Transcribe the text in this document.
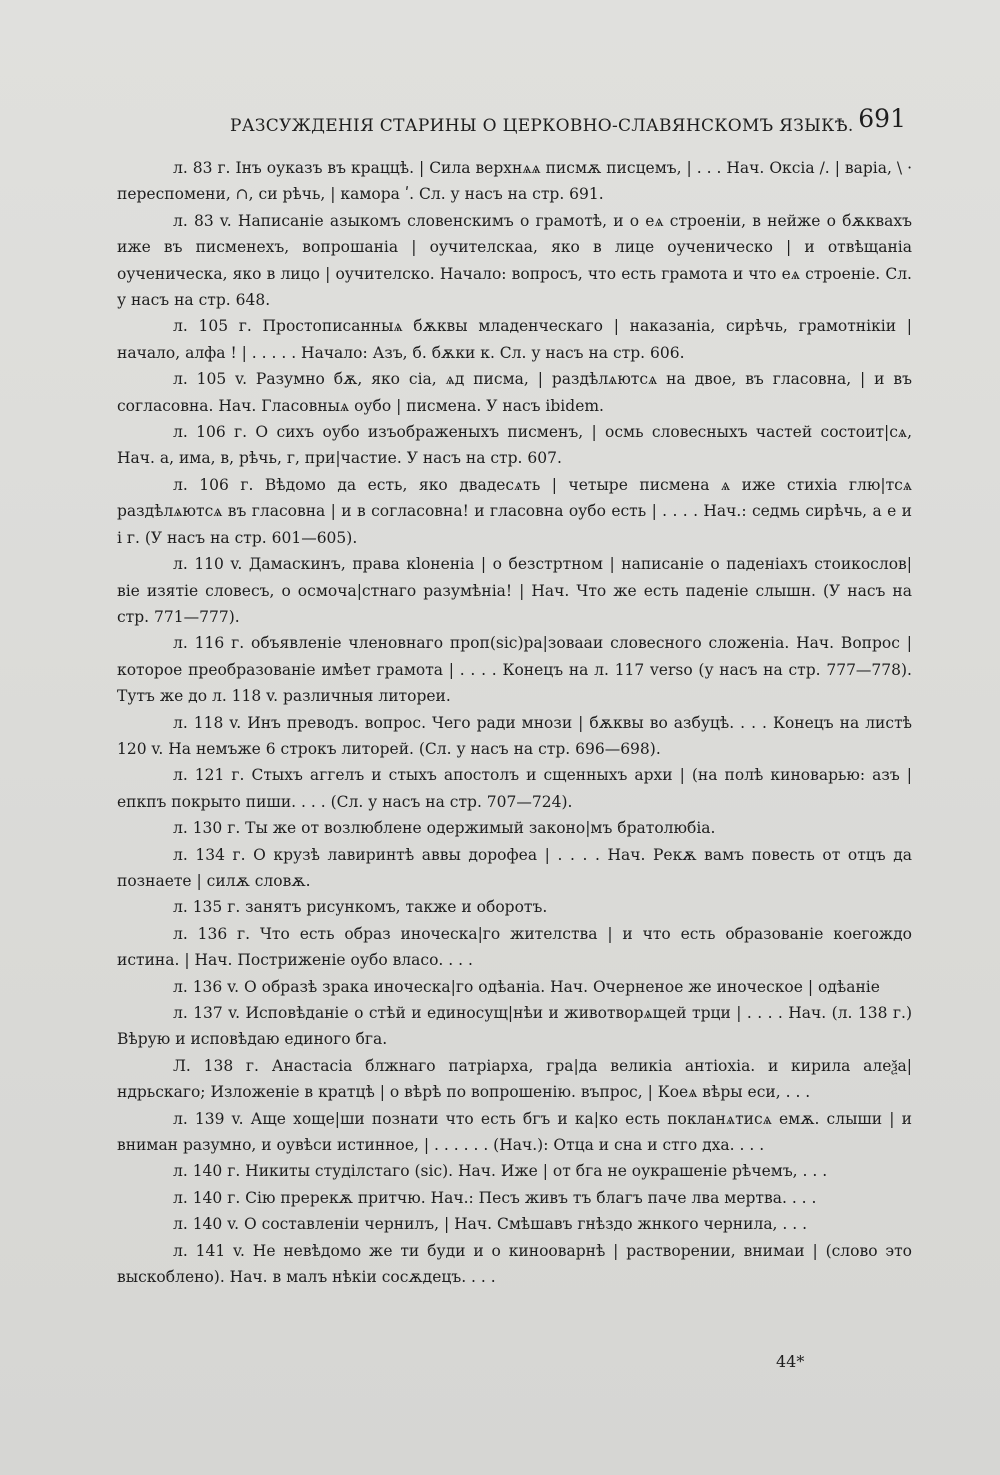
РАЗСУЖДЕНІЯ СТАРИНЫ О ЦЕРКОВНО-СЛАВЯНСКОМЪ ЯЗЫКѢ. 691

л. 83 г. Інъ оуказъ въ краццѣ. | Сила верхнѧѧ писмѫ писцемъ, | . . . Нач. Оксіа /. | варіа, \ · переспомени, ∩, си рѣчь, | камора ʹ. Сл. у насъ на стр. 691.

л. 83 v. Написаніе азыкомъ словенскимъ о грамотѣ, и о еѧ строеніи, в нейже о бѫквахъ иже въ писменехъ, вопрошаніа | оучителскаа, яко в лице оученическо | и отвѣщаніа оученическа, яко в лицо | оучителско. Начало: вопросъ, что есть грамота и что еѧ строеніе. Сл. у насъ на стр. 648.

л. 105 г. Простописанныѧ бѫквы младенческаго | наказаніа, сирѣчь, грамотнікіи | начало, алфа ! | . . . . . Начало: Азъ, б. бѫки к. Сл. у насъ на стр. 606.

л. 105 v. Разумно бѫ, яко сіа, ѧд писма, | раздѣлѧютсѧ на двое, въ гласовна, | и въ согласовна. Нач. Гласовныѧ оубо | писмена. У насъ ibidem.

л. 106 г. О сихъ оубо изъображеныхъ писменъ, | осмь словесныхъ частей состоит|сѧ, Нач. а, има, в, рѣчь, г, при|частие. У насъ на стр. 607.

л. 106 г. Вѣдомо да есть, яко двадесѧть | четыре писмена ѧ иже стихіа глю|тсѧ раздѣлѧютсѧ въ гласовна | и в согласовна! и гласовна оубо есть | . . . . Нач.: седмь сирѣчь, а е и і г. (У насъ на стр. 601—605).

л. 110 v. Дамаскинъ, права кlоненіа | о безстртном | написаніе о паденіахъ стоикослов|віе изятіе словесъ, о осмоча|стнаго разумѣніа! | Нач. Что же есть паденіе слышн. (У насъ на стр. 771—777).

л. 116 г. объявленіе членовнаго проп(sic)ра|зовааи словесного сложеніа. Нач. Вопрос | которое преобразованіе имѣет грамота | . . . . Конецъ на л. 117 verso (у насъ на стр. 777—778). Тутъ же до л. 118 v. различныя литореи.

л. 118 v. Инъ преводъ. вопрос. Чего ради мнози | бѫквы во азбуцѣ. . . . Конецъ на листѣ 120 v. На немъже 6 строкъ литорей. (Сл. у насъ на стр. 696—698).

л. 121 г. Стыхъ аггелъ и стыхъ апостолъ и сщенныхъ архи | (на полѣ киноварью: азъ | епкпъ покрыто пиши. . . . (Сл. у насъ на стр. 707—724).

л. 130 г. Ты же от возлюблене одержимый законо|мъ братолюбіа.

л. 134 г. О крузѣ лавиринтѣ аввы дорофеа | . . . . Нач. Рекѫ вамъ повесть от отцъ да познаете | силѫ словѫ.

л. 135 г. занятъ рисункомъ, также и оборотъ.

л. 136 г. Что есть образ иноческа|го жителства | и что есть образованіе коегождо истина. | Нач. Постриженіе оубо власо. . . .

л. 136 v. О образѣ зрака иноческа|го одѣаніа. Нач. Очерненое же иноческое | одѣаніе

л. 137 v. Исповѣданіе о стѣй и единосущ|нѣи и животворѧщей трци | . . . . Нач. (л. 138 г.) Вѣрую и исповѣдаю единого бга.

Л. 138 г. Анастасіа блжнаго патріарха, гра|да великіа антіохіа. и кирила алеѯа|ндрьскаго; Изложеніе в кратцѣ | о вѣрѣ по вопрошенію. въпрос, | Коеѧ вѣры еси, . . .

л. 139 v. Аще хоще|ши познати что есть бгъ и ка|ко есть покланѧтисѧ емѫ. слыши | и вниман разумно, и оувѣси истинное, | . . . . . . (Нач.): Отца и сна и стго дха. . . .

л. 140 г. Никиты студілстаго (sic). Нач. Иже | от бга не оукрашеніе рѣчемъ, . . .

л. 140 г. Сію пререкѫ притчю. Нач.: Песъ живъ тъ благъ паче лва мертва. . . .

л. 140 v. О составленіи чернилъ, | Нач. Смѣшавъ гнѣздо жнкого чернила, . . .

л. 141 v. Не невѣдомо же ти буди и о кинооварнѣ | растворении, внимаи | (слово это выскоблено). Нач. в малъ нѣкіи сосѫдецъ. . . .

44*
